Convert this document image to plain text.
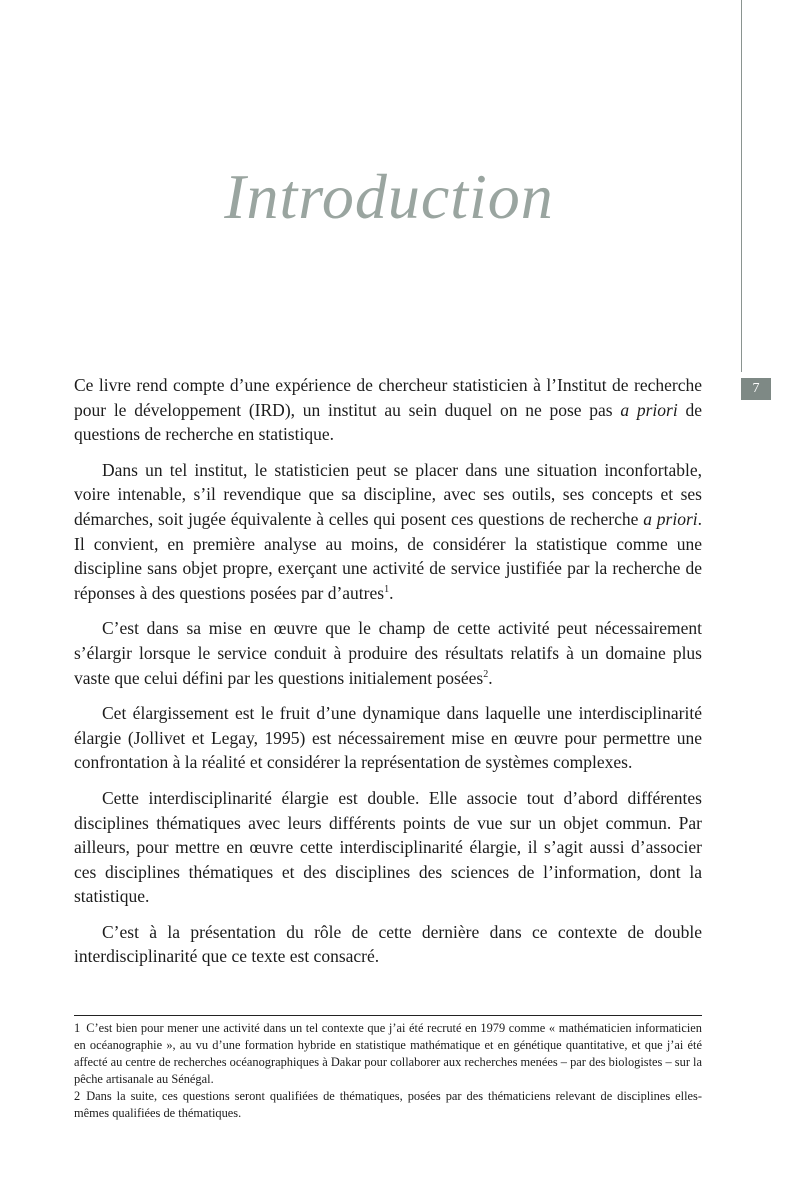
7
Introduction

Ce livre rend compte d’une expérience de chercheur statisticien à l’Institut de recherche pour le développement (IRD), un institut au sein duquel on ne pose pas a priori de questions de recherche en statistique.

Dans un tel institut, le statisticien peut se placer dans une situation inconfortable, voire intenable, s’il revendique que sa discipline, avec ses outils, ses concepts et ses démarches, soit jugée équivalente à celles qui posent ces questions de recherche a priori. Il convient, en première analyse au moins, de considérer la statistique comme une discipline sans objet propre, exerçant une activité de service justifiée par la recherche de réponses à des questions posées par d’autres$^1$.

C’est dans sa mise en œuvre que le champ de cette activité peut nécessairement s’élargir lorsque le service conduit à produire des résultats relatifs à un domaine plus vaste que celui défini par les questions initialement posées$^2$.

Cet élargissement est le fruit d’une dynamique dans laquelle une interdisciplinarité élargie (Jollivet et Legay, 1995) est nécessairement mise en œuvre pour permettre une confrontation à la réalité et considérer la représentation de systèmes complexes.

Cette interdisciplinarité élargie est double. Elle associe tout d’abord différentes disciplines thématiques avec leurs différents points de vue sur un objet commun. Par ailleurs, pour mettre en œuvre cette interdisciplinarité élargie, il s’agit aussi d’associer ces disciplines thématiques et des disciplines des sciences de l’information, dont la statistique.

C’est à la présentation du rôle de cette dernière dans ce contexte de double interdisciplinarité que ce texte est consacré.

1 C’est bien pour mener une activité dans un tel contexte que j’ai été recruté en 1979 comme « mathématicien informaticien en océanographie », au vu d’une formation hybride en statistique mathématique et en génétique quantitative, et que j’ai été affecté au centre de recherches océanographiques à Dakar pour collaborer aux recherches menées – par des biologistes – sur la pêche artisanale au Sénégal.

2 Dans la suite, ces questions seront qualifiées de thématiques, posées par des thématiciens relevant de disciplines elles-mêmes qualifiées de thématiques.
